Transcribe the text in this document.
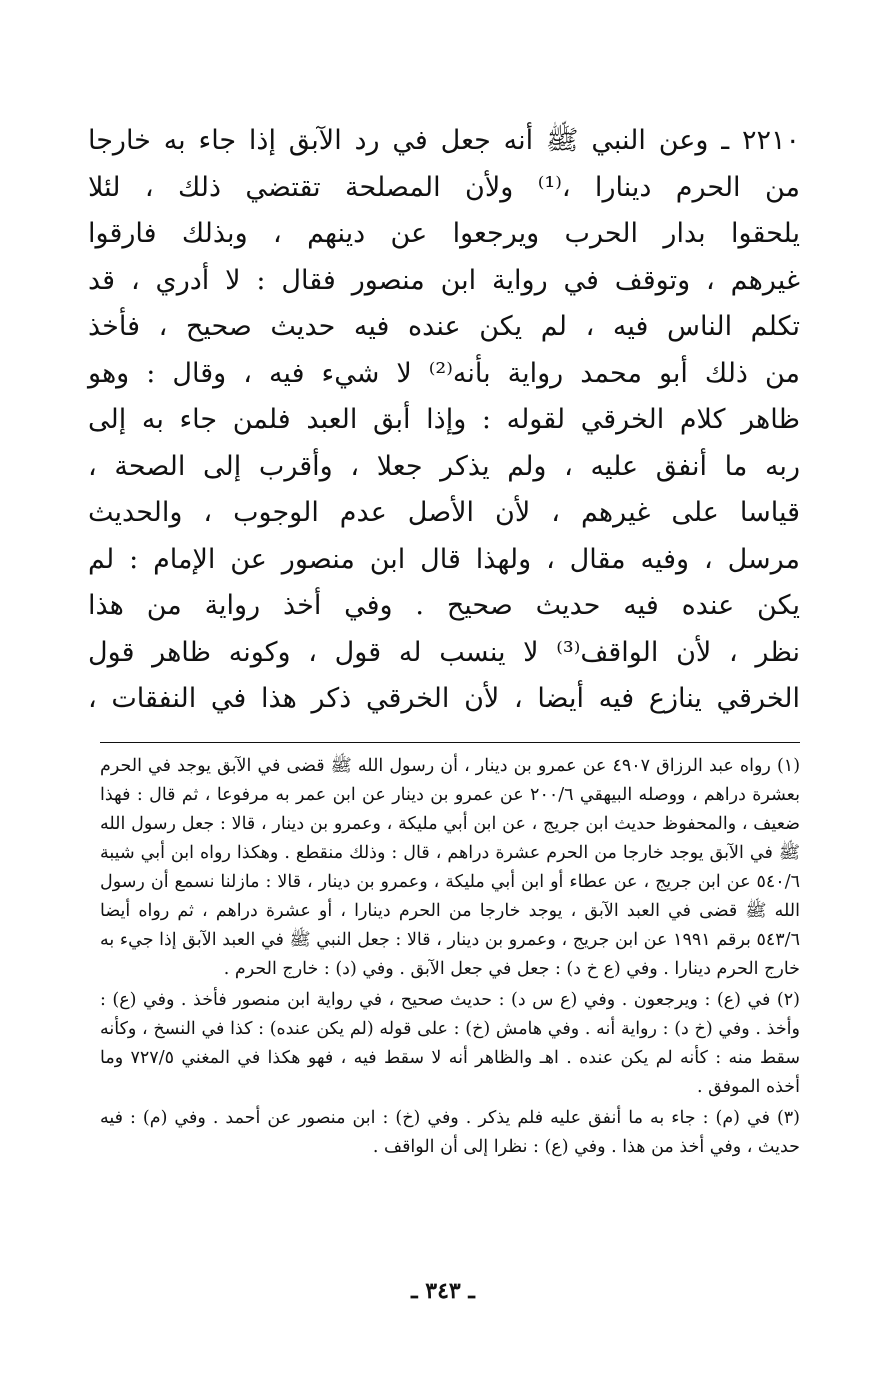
٢٢١٠ ـ وعن النبي ﷺ أنه جعل في رد الآبق إذا جاء به خارجا
من الحرم دينارا ،⁽¹⁾ ولأن المصلحة تقتضي ذلك ، لئلا
يلحقوا بدار الحرب ويرجعوا عن دينهم ، وبذلك فارقوا
غيرهم ، وتوقف في رواية ابن منصور فقال : لا أدري ، قد
تكلم الناس فيه ، لم يكن عنده فيه حديث صحيح ، فأخذ
من ذلك أبو محمد رواية بأنه⁽²⁾ لا شيء فيه ، وقال : وهو
ظاهر كلام الخرقي لقوله : وإذا أبق العبد فلمن جاء به إلى
ربه ما أنفق عليه ، ولم يذكر جعلا ، وأقرب إلى الصحة ،
قياسا على غيرهم ، لأن الأصل عدم الوجوب ، والحديث
مرسل ، وفيه مقال ، ولهذا قال ابن منصور عن الإمام : لم
يكن عنده فيه حديث صحيح . وفي أخذ رواية من هذا
نظر ، لأن الواقف⁽³⁾ لا ينسب له قول ، وكونه ظاهر قول
الخرقي ينازع فيه أيضا ، لأن الخرقي ذكر هذا في النفقات ،

(١) رواه عبد الرزاق ٤٩٠٧ عن عمرو بن دينار ، أن رسول الله ﷺ قضى في الآبق يوجد في الحرم بعشرة دراهم ، ووصله البيهقي ٢٠٠/٦ عن عمرو بن دينار عن ابن عمر به مرفوعا ، ثم قال : فهذا ضعيف ، والمحفوظ حديث ابن جريج ، عن ابن أبي مليكة ، وعمرو بن دينار ، قالا : جعل رسول الله ﷺ في الآبق يوجد خارجا من الحرم عشرة دراهم ، قال : وذلك منقطع . وهكذا رواه ابن أبي شيبة ٥٤٠/٦ عن ابن جريج ، عن عطاء أو ابن أبي مليكة ، وعمرو بن دينار ، قالا : مازلنا نسمع أن رسول الله ﷺ قضى في العبد الآبق ، يوجد خارجا من الحرم دينارا ، أو عشرة دراهم ، ثم رواه أيضا ٥٤٣/٦ برقم ١٩٩١ عن ابن جريج ، وعمرو بن دينار ، قالا : جعل النبي ﷺ في العبد الآبق إذا جيء به خارج الحرم دينارا . وفي (ع خ د) : جعل في جعل الآبق . وفي (د) : خارج الحرم .

(٢) في (ع) : ويرجعون . وفي (ع س د) : حديث صحيح ، في رواية ابن منصور فأخذ . وفي (ع) : وأخذ . وفي (خ د) : رواية أنه . وفي هامش (خ) : على قوله (لم يكن عنده) : كذا في النسخ ، وكأنه سقط منه : كأنه لم يكن عنده . اهـ والظاهر أنه لا سقط فيه ، فهو هكذا في المغني ٧٢٧/٥ وما أخذه الموفق .

(٣) في (م) : جاء به ما أنفق عليه فلم يذكر . وفي (خ) : ابن منصور عن أحمد . وفي (م) : فيه حديث ، وفي أخذ من هذا . وفي (ع) : نظرا إلى أن الواقف .

ـ ٣٤٣ ـ
